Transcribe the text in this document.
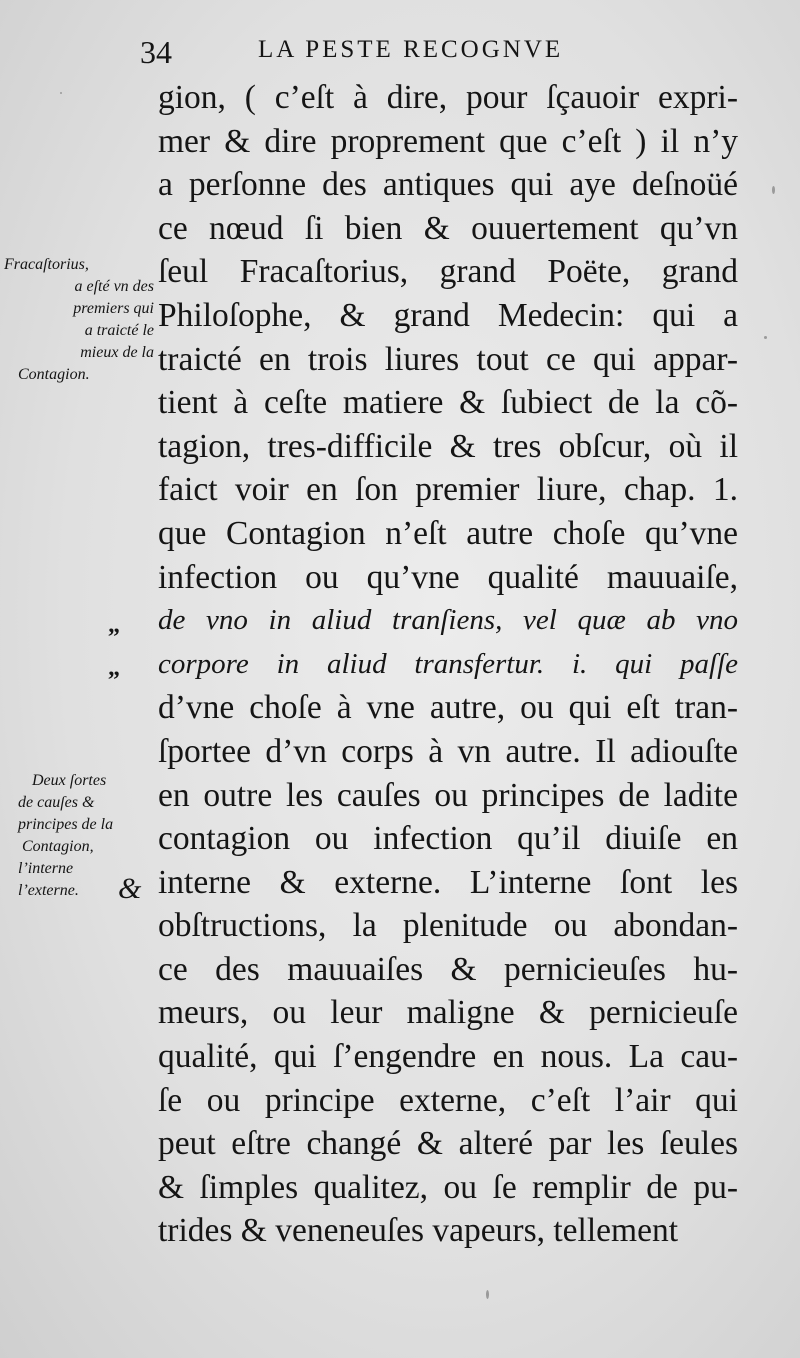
34	LA PESTE RECOGNVE
gion, ( c’eſt à dire, pour ſçauoir expri-
mer & dire proprement que c’eſt ) il n’y
a perſonne des antiques qui aye deſnoüé
ce nœud ſi bien & ouuertement qu’vn
ſeul Fracaſtorius, grand Poëte, grand
Philoſophe, & grand Medecin: qui a
traicté en trois liures tout ce qui appar-
tient à ceſte matiere & ſubiect de la cõ-
tagion, tres-difficile & tres obſcur, où il
faict voir en ſon premier liure, chap. 1.
que Contagion n’eſt autre choſe qu’vne
infection ou qu’vne qualité mauuaiſe,
de vno in aliud tranſiens, vel quæ ab vno
corpore in aliud transfertur. i. qui paſſe
d’vne choſe à vne autre, ou qui eſt tran-
ſportee d’vn corps à vn autre. Il adiouſte
en outre les cauſes ou principes de ladite
contagion ou infection qu’il diuiſe en
interne & externe. L’interne ſont les
obſtructions, la plenitude ou abondan-
ce des mauuaiſes & pernicieuſes hu-
meurs, ou leur maligne & pernicieuſe
qualité, qui ſ’engendre en nous. La cau-
ſe ou principe externe, c’eſt l’air qui
peut eſtre changé & alteré par les ſeules
& ſimples qualitez, ou ſe remplir de pu-
trides & veneneuſes vapeurs, tellement
„
„
Fracaſtorius,
a eſté vn des
premiers qui
a traicté le
mieux de la
Contagion.
Deux ſortes
de cauſes &
principes de la
Contagion,
l’interne
l’externe.	&
